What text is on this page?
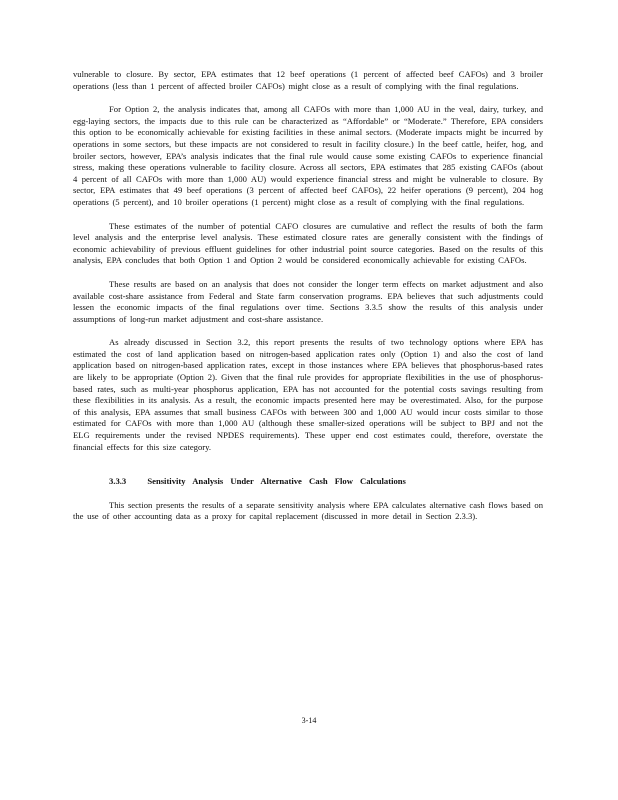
vulnerable to closure. By sector, EPA estimates that 12 beef operations (1 percent of affected beef CAFOs) and 3 broiler operations (less than 1 percent of affected broiler CAFOs) might close as a result of complying with the final regulations.

For Option 2, the analysis indicates that, among all CAFOs with more than 1,000 AU in the veal, dairy, turkey, and egg-laying sectors, the impacts due to this rule can be characterized as “Affordable” or “Moderate.” Therefore, EPA considers this option to be economically achievable for existing facilities in these animal sectors. (Moderate impacts might be incurred by operations in some sectors, but these impacts are not considered to result in facility closure.) In the beef cattle, heifer, hog, and broiler sectors, however, EPA’s analysis indicates that the final rule would cause some existing CAFOs to experience financial stress, making these operations vulnerable to facility closure. Across all sectors, EPA estimates that 285 existing CAFOs (about 4 percent of all CAFOs with more than 1,000 AU) would experience financial stress and might be vulnerable to closure. By sector, EPA estimates that 49 beef operations (3 percent of affected beef CAFOs), 22 heifer operations (9 percent), 204 hog operations (5 percent), and 10 broiler operations (1 percent) might close as a result of complying with the final regulations.

These estimates of the number of potential CAFO closures are cumulative and reflect the results of both the farm level analysis and the enterprise level analysis. These estimated closure rates are generally consistent with the findings of economic achievability of previous effluent guidelines for other industrial point source categories. Based on the results of this analysis, EPA concludes that both Option 1 and Option 2 would be considered economically achievable for existing CAFOs.

These results are based on an analysis that does not consider the longer term effects on market adjustment and also available cost-share assistance from Federal and State farm conservation programs. EPA believes that such adjustments could lessen the economic impacts of the final regulations over time. Sections 3.3.5 show the results of this analysis under assumptions of long-run market adjustment and cost-share assistance.

As already discussed in Section 3.2, this report presents the results of two technology options where EPA has estimated the cost of land application based on nitrogen-based application rates only (Option 1) and also the cost of land application based on nitrogen-based application rates, except in those instances where EPA believes that phosphorus-based rates are likely to be appropriate (Option 2). Given that the final rule provides for appropriate flexibilities in the use of phosphorus-based rates, such as multi-year phosphorus application, EPA has not accounted for the potential costs savings resulting from these flexibilities in its analysis. As a result, the economic impacts presented here may be overestimated. Also, for the purpose of this analysis, EPA assumes that small business CAFOs with between 300 and 1,000 AU would incur costs similar to those estimated for CAFOs with more than 1,000 AU (although these smaller-sized operations will be subject to BPJ and not the ELG requirements under the revised NPDES requirements). These upper end cost estimates could, therefore, overstate the financial effects for this size category.

3.3.3 Sensitivity Analysis Under Alternative Cash Flow Calculations

This section presents the results of a separate sensitivity analysis where EPA calculates alternative cash flows based on the use of other accounting data as a proxy for capital replacement (discussed in more detail in Section 2.3.3).

3-14
